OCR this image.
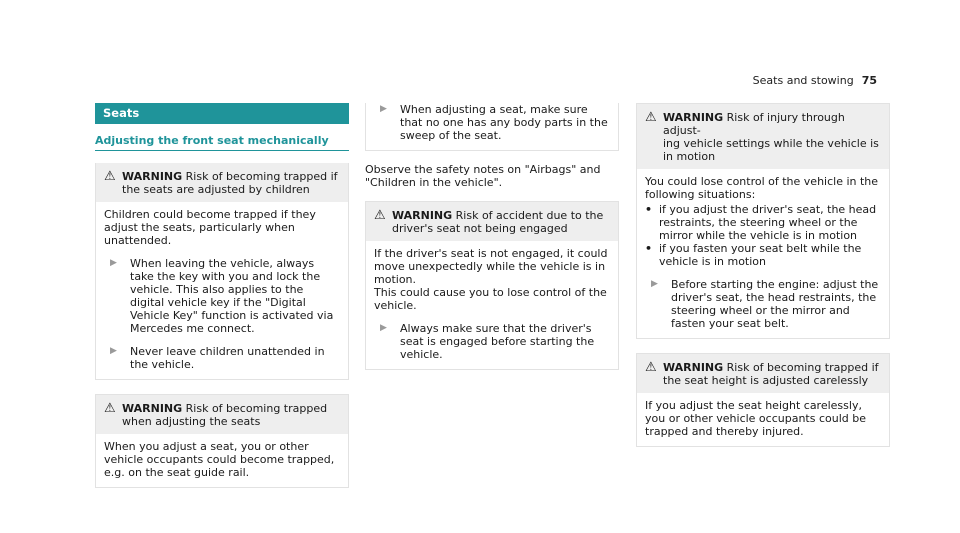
Seats and stowing 75
Seats
Adjusting the front seat mechanically
⚠ WARNING Risk of becoming trapped if
the seats are adjusted by children
Children could become trapped if they adjust the seats, particularly when unattended.
▶	When leaving the vehicle, always take the key with you and lock the vehicle. This also applies to the digital vehicle key if the "Digital Vehicle Key" function is activated via Mercedes me connect.
▶	Never leave children unattended in the vehicle.
⚠ WARNING Risk of becoming trapped
when adjusting the seats
When you adjust a seat, you or other vehicle occupants could become trapped, e.g. on the seat guide rail.
▶	When adjusting a seat, make sure that no one has any body parts in the sweep of the seat.
Observe the safety notes on "Airbags" and "Children in the vehicle".
⚠ WARNING Risk of accident due to the
driver's seat not being engaged
If the driver's seat is not engaged, it could move unexpectedly while the vehicle is in motion.
This could cause you to lose control of the vehicle.
▶	Always make sure that the driver's seat is engaged before starting the vehicle.
⚠ WARNING Risk of injury through adjust-
ing vehicle settings while the vehicle is in motion
You could lose control of the vehicle in the following situations:
• if you adjust the driver's seat, the head restraints, the steering wheel or the mirror while the vehicle is in motion
• if you fasten your seat belt while the vehicle is in motion
▶	Before starting the engine: adjust the driver's seat, the head restraints, the steering wheel or the mirror and fasten your seat belt.
⚠ WARNING Risk of becoming trapped if
the seat height is adjusted carelessly
If you adjust the seat height carelessly, you or other vehicle occupants could be trapped and thereby injured.
